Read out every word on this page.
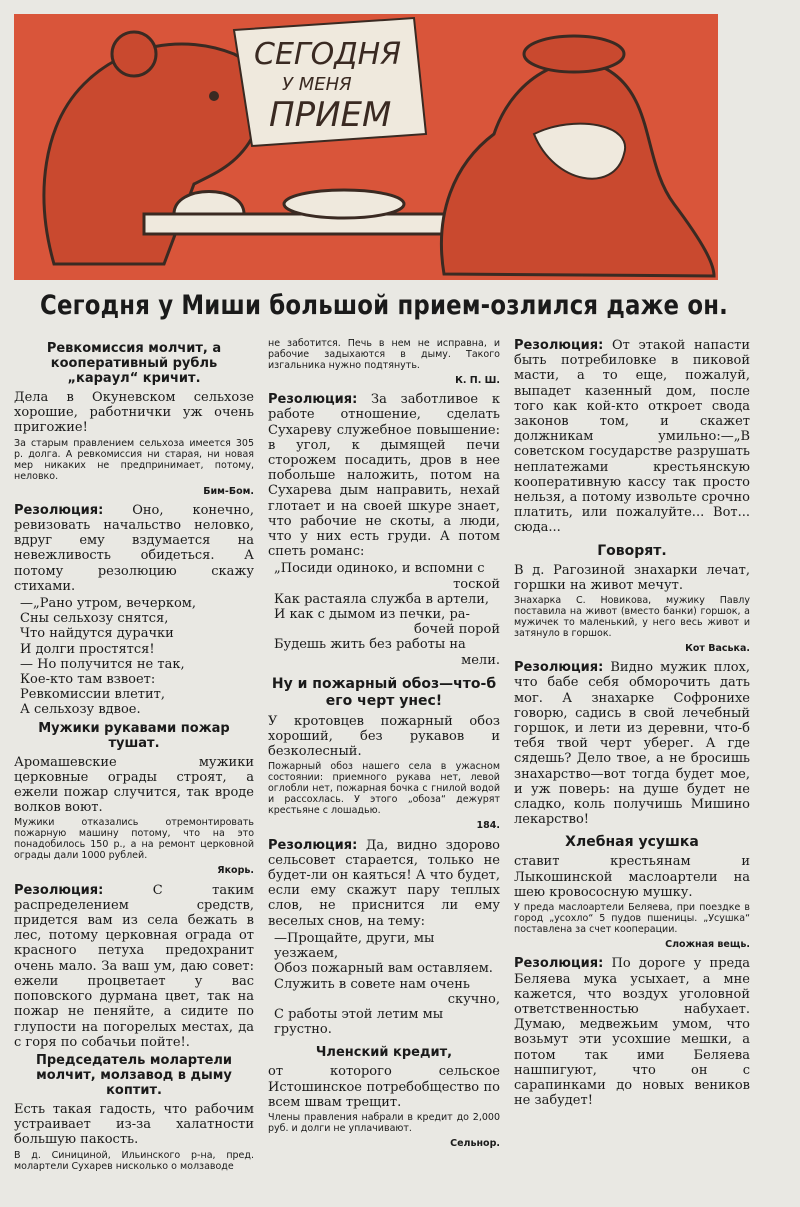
СЕГОДНЯ
У МЕНЯ
ПРИЕМ
Сегодня у Миши большой прием-озлился даже он.
Ревкомиссия молчит, а кооперативный рубль „караул“ кричит.

Дела в Окуневском сельхозе хорошие, работнички уж очень пригожие!

За старым правлением сельхоза имеется 305 р. долга. А ревкомиссия ни старая, ни новая мер никаких не предпринимает, потому, неловко.

Бим-Бом.

Резолюция: Оно, конечно, ревизовать начальство неловко, вдруг ему вздумается на невежливость обидеться. А потому резолюцию скажу стихами.

—„Рано утром, вечерком,
Сны сельхозу снятся,
Что найдутся дурачки
И долги простятся!
— Но получится не так,
Кое-кто там взвоет:
Ревкомиссии влетит,
А сельхозу вдвое.
Мужики рукавами пожар тушат.

Аромашевские мужики церковные ограды строят, а ежели пожар случится, так вроде волков воют.

Мужики отказались отремонтировать пожарную машину потому, что на это понадобилось 150 р., а на ремонт церковной ограды дали 1000 рублей.

Якорь.

Резолюция:	С таким распределением средств, придется вам из села бежать в лес, потому церковная ограда от красного петуха предохранит очень мало. За ваш ум, даю совет: ежели процветает у вас поповского дурмана цвет, так на пожар не пеняйте, а сидите по глупости на погорелых местах, да с горя по собачьи пойте!.

Председатель молартели молчит, молзавод в дыму коптит.

Есть такая гадость, что рабочим устраивает из-за халатности большую пакость.

В д. Синициной, Ильинского р-на, пред. молартели Сухарев нисколько о молзаводе

не заботится. Печь в нем не исправна, и рабочие задыхаются в дыму. Такого изгальника нужно подтянуть.

К. П. Ш.

Резолюция: За заботливое к работе отношение, сделать Сухареву служебное повышение: в угол, к дымящей печи сторожем посадить, дров в нее побольше наложить, потом на Сухарева дым направить, нехай глотает и на своей шкуре знает, что рабочие не скоты, а люди, что у них есть груди. А потом спеть романс:

„Посиди одиноко, и вспомни с
тоской
Как растаяла служба в артели,
И как с дымом из печки, ра-
бочей порой
Будешь жить без работы на
мели.
Ну и пожарный обоз—что-б его черт унес!

У кротовцев пожарный обоз хороший, без рукавов и безколесный.

Пожарный обоз нашего села в ужасном состоянии: приемного рукава нет, левой оглобли нет, пожарная бочка с гнилой водой и рассохлась. У этого „обоза“ дежурят крестьяне с лошадью.

184.

Резолюция: Да, видно здорово сельсовет старается, только не будет-ли он каяться! А что будет, если ему скажут пару теплых слов, не приснится ли ему веселых снов, на тему:

—Прощайте, други, мы уезжаем,
Обоз пожарный вам оставляем.
Служить в совете нам очень
скучно,
С работы этой летим мы грустно.
Членский кредит,

от которого сельское Истошинское потребобщество по всем швам трещит.

Члены правления набрали в кредит до 2,000 руб. и долги не уплачивают.

Сельнор.

Резолюция: От этакой напасти быть потребиловке в пиковой масти, а то еще, пожалуй, выпадет казенный дом, после того как кой-кто откроет свода законов том, и скажет должникам умильно:—„В советском государстве разрушать неплатежами крестьянскую кооперативную кассу так просто нельзя, а потому извольте срочно платить, или пожалуйте... Вот... сюда...

Говорят.

В д. Рагозиной знахарки лечат, горшки на живот мечут.

Знахарка С. Новикова, мужику Павлу поставила на живот (вместо банки) горшок, а мужичек то маленький, у него весь живот и затянуло в горшок.

Кот Васька.

Резолюция: Видно мужик плох, что бабе себя обморочить дать мог. А знахарке Софронихе говорю, садись в свой лечебный горшок, и лети из деревни, что-б тебя твой черт уберег. А где сядешь? Дело твое, а не бросишь знахарство—вот тогда будет мое, и уж поверь: на душе будет не сладко, коль получишь Мишино лекарство!

Хлебная усушка

ставит крестьянам и Лыкошинской маслоартели на шею кровососную мушку.

У преда маслоартели Беляева, при поездке в город „усохло“ 5 пудов пшеницы. „Усушка“ поставлена за счет кооперации.

Сложная вещь.

Резолюция: По дороге у преда Беляева мука усыхает, а мне кажется, что воздух уголовной ответственностью набухает. Думаю, медвежьим умом, что возьмут эти усохшие мешки, а потом так ими Беляева нашпигуют, что он с сарапинками до новых веников не забудет!
